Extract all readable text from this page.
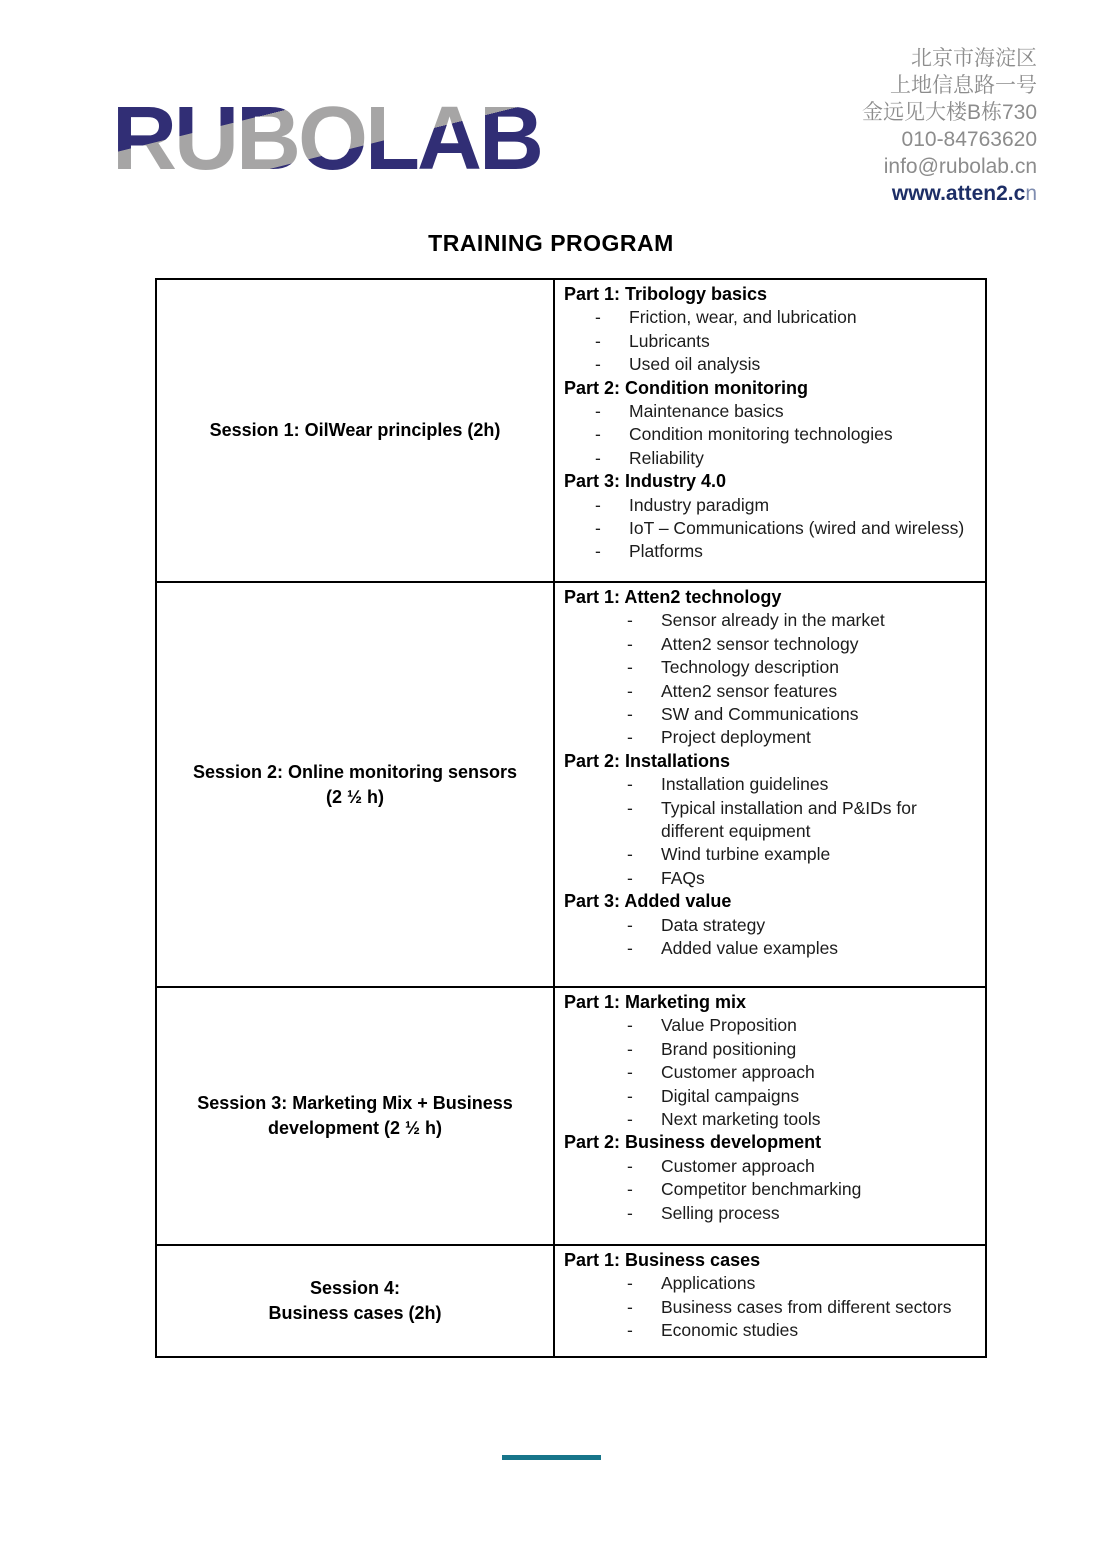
RUBOLAB
北京市海淀区
上地信息路一号
金远见大楼B栋730
010-84763620
info@rubolab.cn
www.atten2.cn
TRAINING PROGRAM
Session 1: OilWear principles (2h)

Part 1: Tribology basics
- Friction, wear, and lubrication
- Lubricants
- Used oil analysis
Part 2: Condition monitoring
- Maintenance basics
- Condition monitoring technologies
- Reliability
Part 3: Industry 4.0
- Industry paradigm
- IoT – Communications (wired and wireless)
- Platforms

Session 2: Online monitoring sensors
(2 ½ h)

Part 1: Atten2 technology
- Sensor already in the market
- Atten2 sensor technology
- Technology description
- Atten2 sensor features
- SW and Communications
- Project deployment
Part 2: Installations
- Installation guidelines
- Typical installation and P&IDs for different equipment
- Wind turbine example
- FAQs
Part 3: Added value
- Data strategy
- Added value examples

Session 3: Marketing Mix + Business
development (2 ½ h)

Part 1: Marketing mix
- Value Proposition
- Brand positioning
- Customer approach
- Digital campaigns
- Next marketing tools
Part 2: Business development
- Customer approach
- Competitor benchmarking
- Selling process

Session 4:
Business cases (2h)

Part 1: Business cases
- Applications
- Business cases from different sectors
- Economic studies
